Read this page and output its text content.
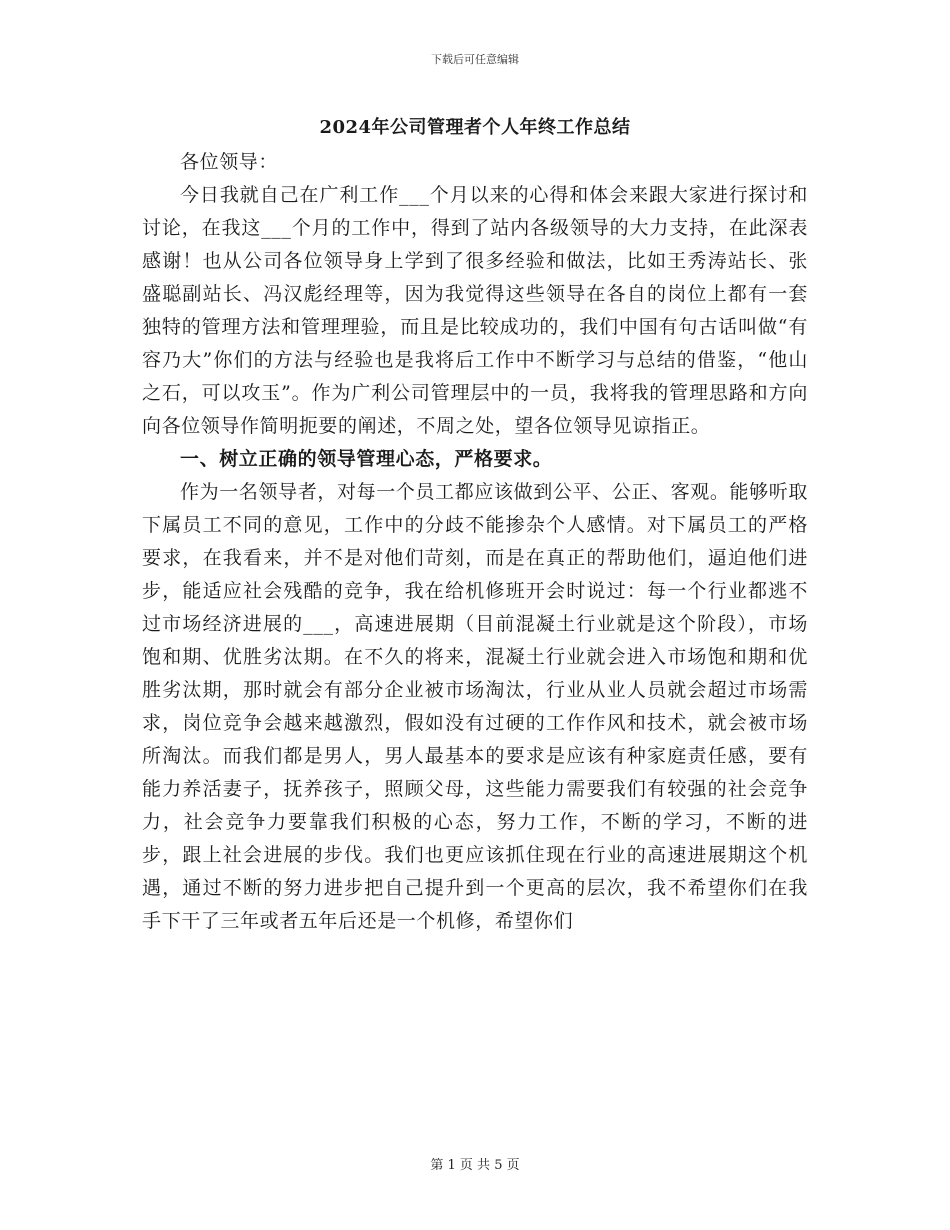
下载后可任意编辑
2024年公司管理者个人年终工作总结

各位领导：

今日我就自己在广利工作___个月以来的心得和体会来跟大家进行探讨和讨论，在我这___个月的工作中，得到了站内各级领导的大力支持，在此深表感谢！也从公司各位领导身上学到了很多经验和做法，比如王秀涛站长、张盛聪副站长、冯汉彪经理等，因为我觉得这些领导在各自的岗位上都有一套独特的管理方法和管理理验，而且是比较成功的，我们中国有句古话叫做“有容乃大”你们的方法与经验也是我将后工作中不断学习与总结的借鉴，“他山之石，可以攻玉”。作为广利公司管理层中的一员，我将我的管理思路和方向向各位领导作简明扼要的阐述，不周之处，望各位领导见谅指正。

一、树立正确的领导管理心态，严格要求。

作为一名领导者，对每一个员工都应该做到公平、公正、客观。能够听取下属员工不同的意见，工作中的分歧不能掺杂个人感情。对下属员工的严格要求，在我看来，并不是对他们苛刻，而是在真正的帮助他们，逼迫他们进步，能适应社会残酷的竞争，我在给机修班开会时说过：每一个行业都逃不过市场经济进展的___，高速进展期（目前混凝土行业就是这个阶段），市场饱和期、优胜劣汰期。在不久的将来，混凝土行业就会进入市场饱和期和优胜劣汰期，那时就会有部分企业被市场淘汰，行业从业人员就会超过市场需求，岗位竞争会越来越激烈，假如没有过硬的工作作风和技术，就会被市场所淘汰。而我们都是男人，男人最基本的要求是应该有种家庭责任感，要有能力养活妻子，抚养孩子，照顾父母，这些能力需要我们有较强的社会竞争力，社会竞争力要靠我们积极的心态，努力工作，不断的学习，不断的进步，跟上社会进展的步伐。我们也更应该抓住现在行业的高速进展期这个机遇，通过不断的努力进步把自己提升到一个更高的层次，我不希望你们在我手下干了三年或者五年后还是一个机修，希望你们

第 1 页 共 5 页
